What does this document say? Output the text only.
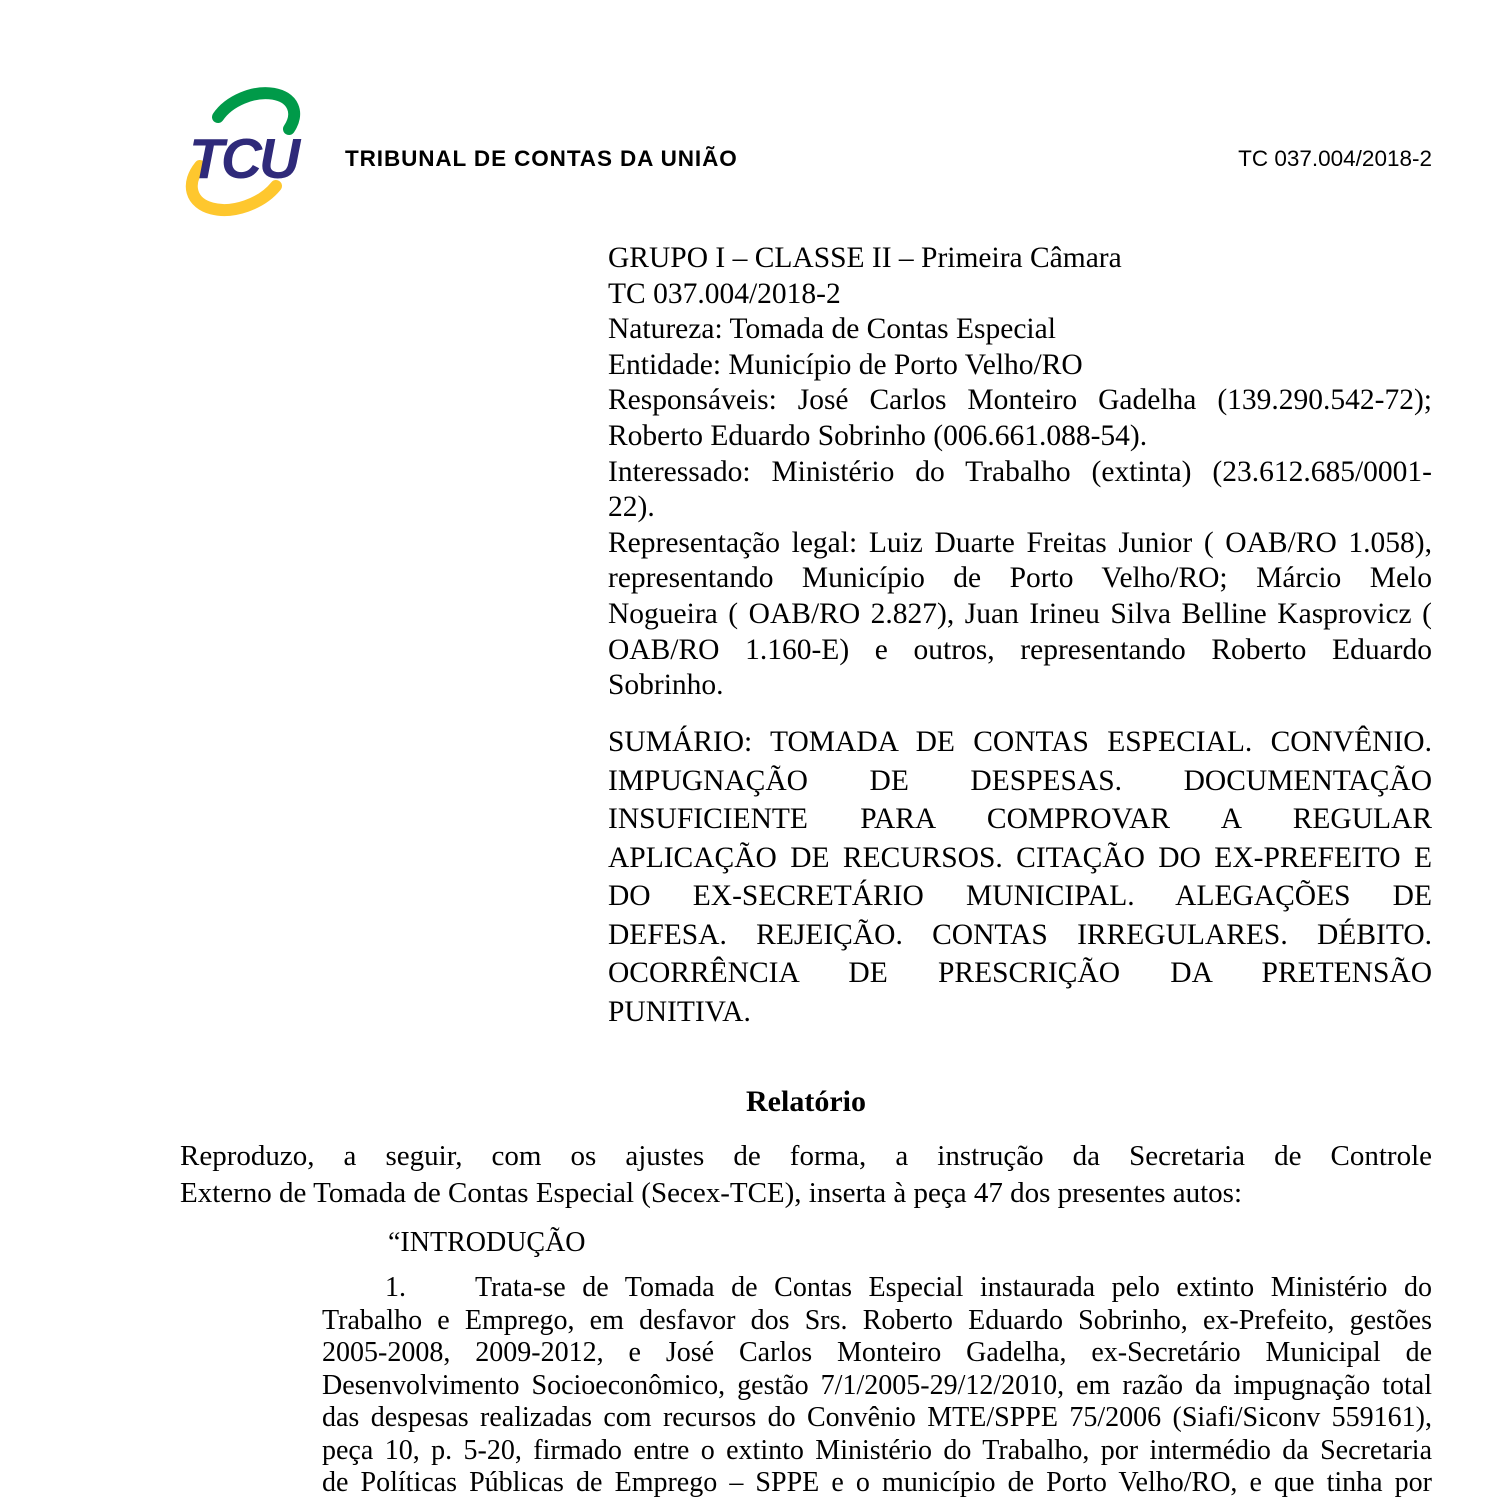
TCU TRIBUNAL DE CONTAS DA UNIÃO	TC 037.004/2018-2
GRUPO I – CLASSE II – Primeira Câmara
TC 037.004/2018-2
Natureza: Tomada de Contas Especial
Entidade: Município de Porto Velho/RO
Responsáveis: José Carlos Monteiro Gadelha (139.290.542-72);
Roberto Eduardo Sobrinho (006.661.088-54).
Interessado: Ministério do Trabalho (extinta) (23.612.685/0001-
22).
Representação legal: Luiz Duarte Freitas Junior ( OAB/RO 1.058),
representando Município de Porto Velho/RO; Márcio Melo
Nogueira ( OAB/RO 2.827), Juan Irineu Silva Belline Kasprovicz (
OAB/RO 1.160-E) e outros, representando Roberto Eduardo
Sobrinho.
SUMÁRIO: TOMADA DE CONTAS ESPECIAL. CONVÊNIO.
IMPUGNAÇÃO DE DESPESAS. DOCUMENTAÇÃO
INSUFICIENTE PARA COMPROVAR A REGULAR
APLICAÇÃO DE RECURSOS. CITAÇÃO DO EX-PREFEITO E
DO EX-SECRETÁRIO MUNICIPAL. ALEGAÇÕES DE
DEFESA. REJEIÇÃO. CONTAS IRREGULARES. DÉBITO.
OCORRÊNCIA DE PRESCRIÇÃO DA PRETENSÃO
PUNITIVA.
Relatório
Reproduzo, a seguir, com os ajustes de forma, a instrução da Secretaria de Controle
Externo de Tomada de Contas Especial (Secex-TCE), inserta à peça 47 dos presentes autos:
“INTRODUÇÃO
1. Trata-se de Tomada de Contas Especial instaurada pelo extinto Ministério do
Trabalho e Emprego, em desfavor dos Srs. Roberto Eduardo Sobrinho, ex-Prefeito, gestões
2005-2008, 2009-2012, e José Carlos Monteiro Gadelha, ex-Secretário Municipal de
Desenvolvimento Socioeconômico, gestão 7/1/2005-29/12/2010, em razão da impugnação total
das despesas realizadas com recursos do Convênio MTE/SPPE 75/2006 (Siafi/Siconv 559161),
peça 10, p. 5-20, firmado entre o extinto Ministério do Trabalho, por intermédio da Secretaria
de Políticas Públicas de Emprego – SPPE e o município de Porto Velho/RO, e que tinha por
